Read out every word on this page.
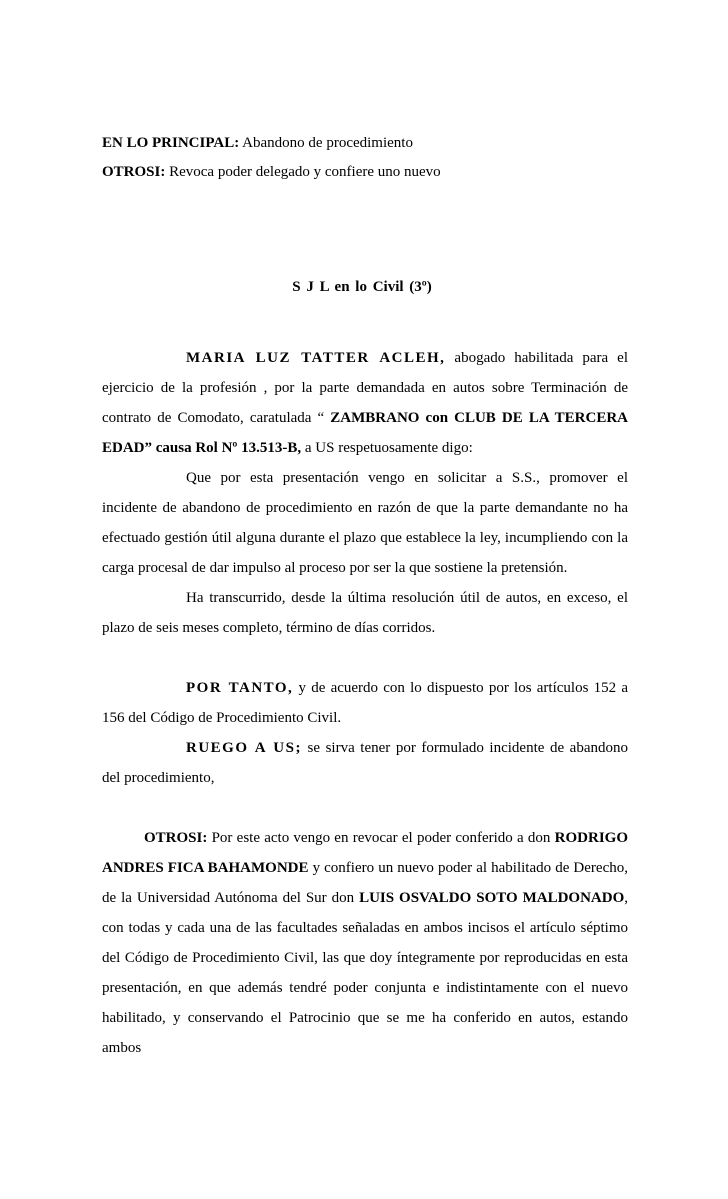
EN LO PRINCIPAL: Abandono de procedimiento
OTROSI: Revoca poder delegado y confiere uno nuevo
S J L en lo Civil (3º)

MARIA LUZ TATTER ACLEH, abogado habilitada para el ejercicio de la profesión , por la parte demandada en autos sobre Terminación de contrato de Comodato, caratulada “ ZAMBRANO con CLUB DE LA TERCERA EDAD” causa Rol Nº 13.513-B, a US respetuosamente digo:

Que por esta presentación vengo en solicitar a S.S., promover el incidente de abandono de procedimiento en razón de que la parte demandante no ha efectuado gestión útil alguna durante el plazo que establece la ley, incumpliendo con la carga procesal de dar impulso al proceso por ser la que sostiene la pretensión.

Ha transcurrido, desde la última resolución útil de autos, en exceso, el plazo de seis meses completo, término de días corridos.

POR TANTO, y de acuerdo con lo dispuesto por los artículos 152 a 156 del Código de Procedimiento Civil.

RUEGO A US; se sirva tener por formulado incidente de abandono del procedimiento,

OTROSI: Por este acto vengo en revocar el poder conferido a don RODRIGO ANDRES FICA BAHAMONDE y confiero un nuevo poder al habilitado de Derecho, de la Universidad Autónoma del Sur don LUIS OSVALDO SOTO MALDONADO, con todas y cada una de las facultades señaladas en ambos incisos el artículo séptimo del Código de Procedimiento Civil, las que doy íntegramente por reproducidas en esta presentación, en que además tendré poder conjunta e indistintamente con el nuevo habilitado, y conservando el Patrocinio que se me ha conferido en autos, estando ambos
